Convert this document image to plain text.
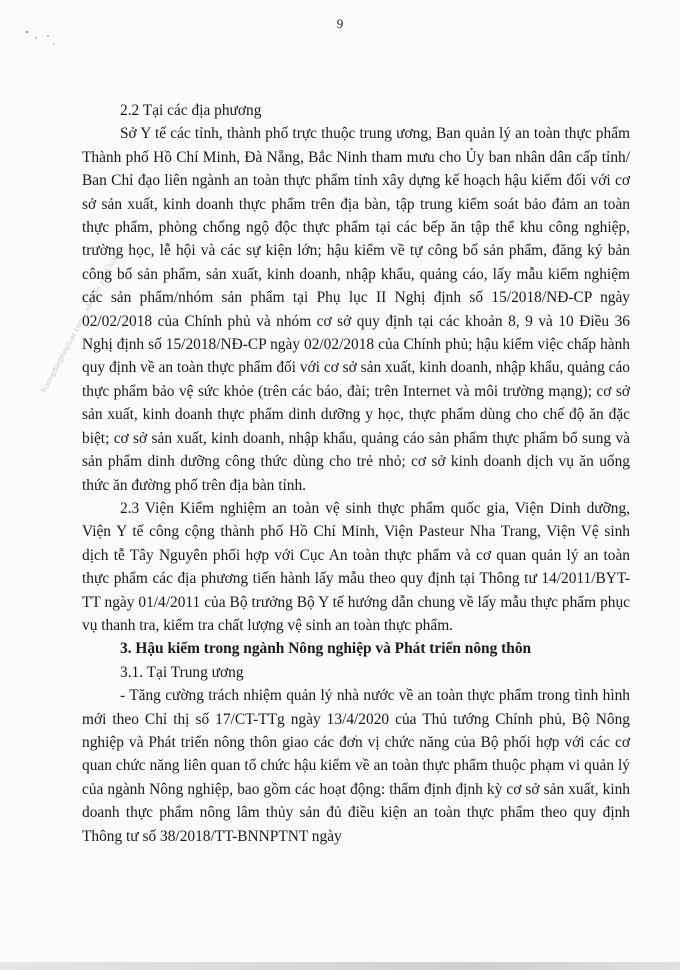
9
huongdanphapluat.com – văn bản pháp luật

2.2 Tại các địa phương

Sở Y tế các tỉnh, thành phố trực thuộc trung ương, Ban quản lý an toàn thực phẩm Thành phố Hồ Chí Minh, Đà Nẵng, Bắc Ninh tham mưu cho Ủy ban nhân dân cấp tỉnh/ Ban Chỉ đạo liên ngành an toàn thực phẩm tỉnh xây dựng kế hoạch hậu kiểm đối với cơ sở sản xuất, kinh doanh thực phẩm trên địa bàn, tập trung kiểm soát bảo đảm an toàn thực phẩm, phòng chống ngộ độc thực phẩm tại các bếp ăn tập thể khu công nghiệp, trường học, lễ hội và các sự kiện lớn; hậu kiểm về tự công bố sản phẩm, đăng ký bản công bố sản phẩm, sản xuất, kinh doanh, nhập khẩu, quảng cáo, lấy mẫu kiểm nghiệm các sản phẩm/nhóm sản phẩm tại Phụ lục II Nghị định số 15/2018/NĐ-CP ngày 02/02/2018 của Chính phủ và nhóm cơ sở quy định tại các khoản 8, 9 và 10 Điều 36 Nghị định số 15/2018/NĐ-CP ngày 02/02/2018 của Chính phủ; hậu kiểm việc chấp hành quy định về an toàn thực phẩm đối với cơ sở sản xuất, kinh doanh, nhập khẩu, quảng cáo thực phẩm bảo vệ sức khỏe (trên các báo, đài; trên Internet và môi trường mạng); cơ sở sản xuất, kinh doanh thực phẩm dinh dưỡng y học, thực phẩm dùng cho chế độ ăn đặc biệt; cơ sở sản xuất, kinh doanh, nhập khẩu, quảng cáo sản phẩm thực phẩm bổ sung và sản phẩm dinh dưỡng công thức dùng cho trẻ nhỏ; cơ sở kinh doanh dịch vụ ăn uống thức ăn đường phố trên địa bàn tỉnh.

2.3 Viện Kiểm nghiệm an toàn vệ sinh thực phẩm quốc gia, Viện Dinh dưỡng, Viện Y tế công cộng thành phố Hồ Chí Minh, Viện Pasteur Nha Trang, Viện Vệ sinh dịch tễ Tây Nguyên phối hợp với Cục An toàn thực phẩm và cơ quan quản lý an toàn thực phẩm các địa phương tiến hành lấy mẫu theo quy định tại Thông tư 14/2011/BYT-TT ngày 01/4/2011 của Bộ trưởng Bộ Y tế hướng dẫn chung về lấy mẫu thực phẩm phục vụ thanh tra, kiểm tra chất lượng vệ sinh an toàn thực phẩm.

3. Hậu kiểm trong ngành Nông nghiệp và Phát triển nông thôn

3.1. Tại Trung ương

- Tăng cường trách nhiệm quản lý nhà nước về an toàn thực phẩm trong tình hình mới theo Chỉ thị số 17/CT-TTg ngày 13/4/2020 của Thủ tướng Chính phủ, Bộ Nông nghiệp và Phát triển nông thôn giao các đơn vị chức năng của Bộ phối hợp với các cơ quan chức năng liên quan tổ chức hậu kiểm về an toàn thực phẩm thuộc phạm vi quản lý của ngành Nông nghiệp, bao gồm các hoạt động: thẩm định định kỳ cơ sở sản xuất, kinh doanh thực phẩm nông lâm thủy sản đủ điều kiện an toàn thực phẩm theo quy định Thông tư số 38/2018/TT-BNNPTNT ngày
